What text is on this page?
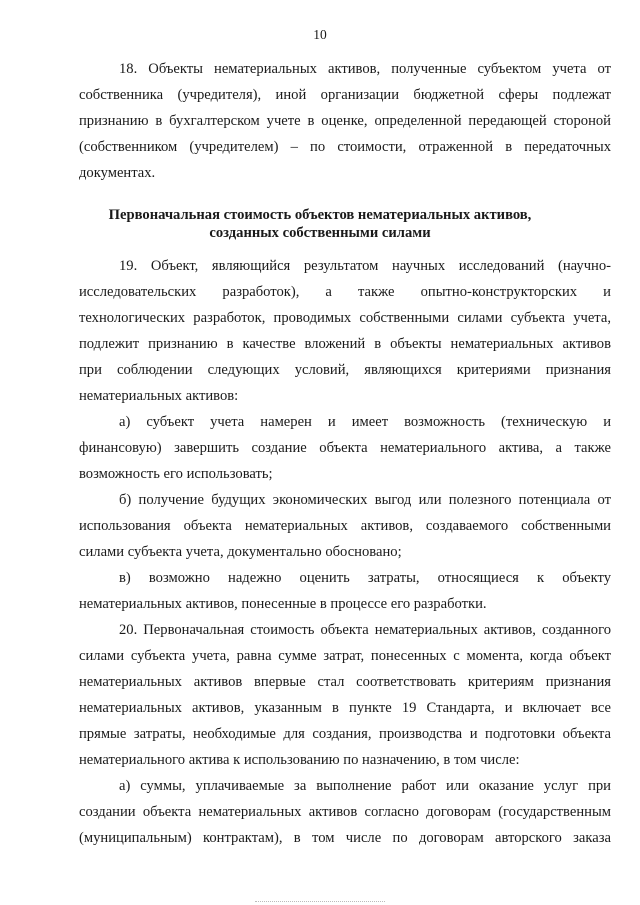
10
18. Объекты нематериальных активов, полученные субъектом учета от
собственника (учредителя), иной организации бюджетной сферы подлежат
признанию в бухгалтерском учете в оценке, определенной передающей стороной
(собственником (учредителем) – по стоимости, отраженной в передаточных
документах.
Первоначальная стоимость объектов нематериальных активов,
созданных собственными силами
19. Объект, являющийся результатом научных исследований (научно-
исследовательских разработок), а также опытно-конструкторских и
технологических разработок, проводимых собственными силами субъекта учета,
подлежит признанию в качестве вложений в объекты нематериальных активов
при соблюдении следующих условий, являющихся критериями признания
нематериальных активов:
а) субъект учета намерен и имеет возможность (техническую и
финансовую) завершить создание объекта нематериального актива, а также
возможность его использовать;
б) получение будущих экономических выгод или полезного потенциала от
использования объекта нематериальных активов, создаваемого собственными
силами субъекта учета, документально обосновано;
в) возможно надежно оценить затраты, относящиеся к объекту
нематериальных активов, понесенные в процессе его разработки.
20. Первоначальная стоимость объекта нематериальных активов, созданного
силами субъекта учета, равна сумме затрат, понесенных с момента, когда объект
нематериальных активов впервые стал соответствовать критериям признания
нематериальных активов, указанным в пункте 19 Стандарта, и включает все
прямые затраты, необходимые для создания, производства и подготовки объекта
нематериального актива к использованию по назначению, в том числе:
а) суммы, уплачиваемые за выполнение работ или оказание услуг при
создании объекта нематериальных активов согласно договорам (государственным
(муниципальным) контрактам), в том числе по договорам авторского заказа
